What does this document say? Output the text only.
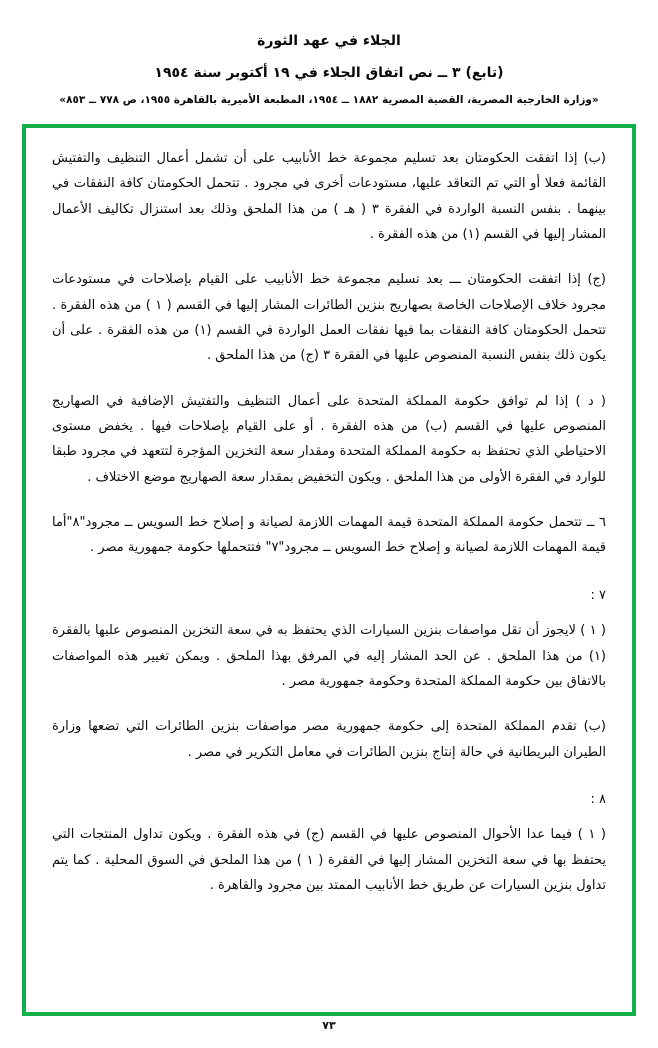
الجلاء في عهد الثورة
(تابع) ٣ ــ نص اتفاق الجلاء في ١٩ أكتوبر سنة ١٩٥٤
«وزارة الخارجية المصرية، القضية المصرية ١٨٨٢ ــ ١٩٥٤، المطبعة الأميرية بالقاهرة ١٩٥٥، ص ٧٧٨ ــ ٨٥٣»

(ب) إذا اتفقت الحكومتان بعد تسليم مجموعة خط الأنابيب على أن تشمل أعمال التنظيف والتفتيش القائمة فعلا أو التي تم التعاقد عليها، مستودعات أخرى في مجرود . تتحمل الحكومتان كافة النفقات في بينهما . بنفس النسبة الواردة في الفقرة ٣ ( هـ ) من هذا الملحق وذلك بعد استنزال تكاليف الأعمال المشار إليها في القسم (١) من هذه الفقرة .

(ج) إذا اتفقت الحكومتان ـــ بعد تسليم مجموعة خط الأنابيب على القيام بإصلاحات في مستودعات مجرود خلاف الإصلاحات الخاصة بصهاريج بنزين الطائرات المشار إليها في القسم ( ١ ) من هذه الفقرة . تتحمل الحكومتان كافة النفقات بما فيها نفقات العمل الواردة في القسم (١) من هذه الفقرة . على أن يكون ذلك بنفس النسبة المنصوص عليها في الفقرة ٣ (ج) من هذا الملحق .

( د ) إذا لم توافق حكومة المملكة المتحدة على أعمال التنظيف والتفتيش الإضافية في الصهاريج المنصوص عليها في القسم (ب) من هذه الفقرة . أو على القيام بإصلاحات فيها . يخفض مستوى الاحتياطي الذي تحتفظ به حكومة المملكة المتحدة ومقدار سعة التخزين المؤجرة لتتعهد في مجرود طبقا للوارد في الفقرة الأولى من هذا الملحق . ويكون التخفيض بمقدار سعة الصهاريج موضع الاختلاف .

٦ ــ تتحمل حكومة المملكة المتحدة قيمة المهمات اللازمة لصيانة و إصلاح خط السويس ــ مجرود"٨"أما قيمة المهمات اللازمة لصيانة و إصلاح خط السويس ــ مجرود"٧" فتتحملها حكومة جمهورية مصر .

٧ :

( ١ ) لايجوز أن تقل مواصفات بنزين السيارات الذي يحتفظ به في سعة التخزين المنصوص عليها بالفقرة (١) من هذا الملحق . عن الحد المشار إليه في المرفق بهذا الملحق . ويمكن تغيير هذه المواصفات بالاتفاق بين حكومة المملكة المتحدة وحكومة جمهورية مصر .

(ب) تقدم المملكة المتحدة إلى حكومة جمهورية مصر مواصفات بنزين الطائرات التي تضعها وزارة الطيران البريطانية في حالة إنتاج بنزين الطائرات في معامل التكرير في مصر .

٨ :

( ١ ) فيما عدا الأحوال المنصوص عليها في القسم (ج) في هذه الفقرة . ويكون تداول المنتجات التي يحتفظ بها في سعة التخزين المشار إليها في الفقرة ( ١ ) من هذا الملحق في السوق المحلية . كما يتم تداول بنزين السيارات عن طريق خط الأنابيب الممتد بين مجرود والقاهرة .

٧٣
